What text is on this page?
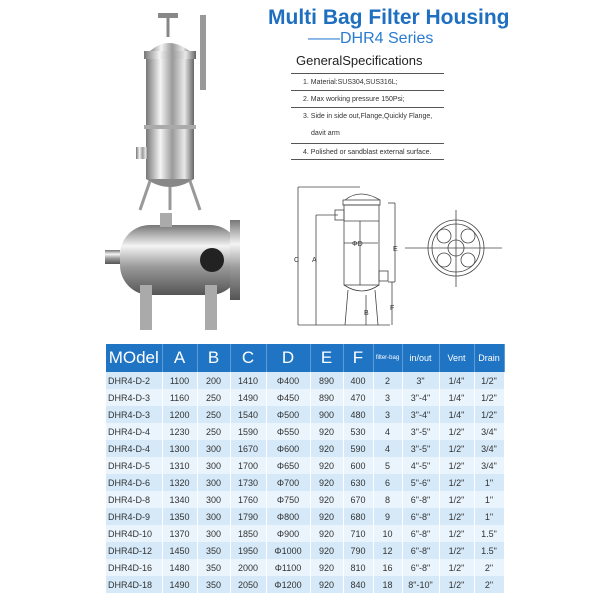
Multi Bag Filter Housing
——DHR4 Series
GeneralSpecifications
1. Material:SUS304,SUS316L;
2. Max working pressure 150Psi;
3. Side in side out,Flange,Quickly Flange,
davit arm
4. Polished or sandblast external surface.
C A
ΦD
E
F
B
MOdel	A	B	C	D	E	F	filter-bag	in/out	Vent	Drain
DHR4-D-2	1100	200	1410	Φ400	890	400	2	3"	1/4"	1/2"
DHR4-D-3	1160	250	1490	Φ450	890	470	3	3"-4"	1/4"	1/2"
DHR4-D-3	1200	250	1540	Φ500	900	480	3	3"-4"	1/4"	1/2"
DHR4-D-4	1230	250	1590	Φ550	920	530	4	3"-5"	1/2"	3/4"
DHR4-D-4	1300	300	1670	Φ600	920	590	4	3"-5"	1/2"	3/4"
DHR4-D-5	1310	300	1700	Φ650	920	600	5	4"-5"	1/2"	3/4"
DHR4-D-6	1320	300	1730	Φ700	920	630	6	5"-6"	1/2"	1"
DHR4-D-8	1340	300	1760	Φ750	920	670	8	6"-8"	1/2"	1"
DHR4-D-9	1350	300	1790	Φ800	920	680	9	6"-8"	1/2"	1"
DHR4D-10	1370	300	1850	Φ900	920	710	10	6"-8"	1/2"	1.5"
DHR4D-12	1450	350	1950	Φ1000	920	790	12	6"-8"	1/2"	1.5"
DHR4D-16	1480	350	2000	Φ1100	920	810	16	6"-8"	1/2"	2"
DHR4D-18	1490	350	2050	Φ1200	920	840	18	8"-10"	1/2"	2"
